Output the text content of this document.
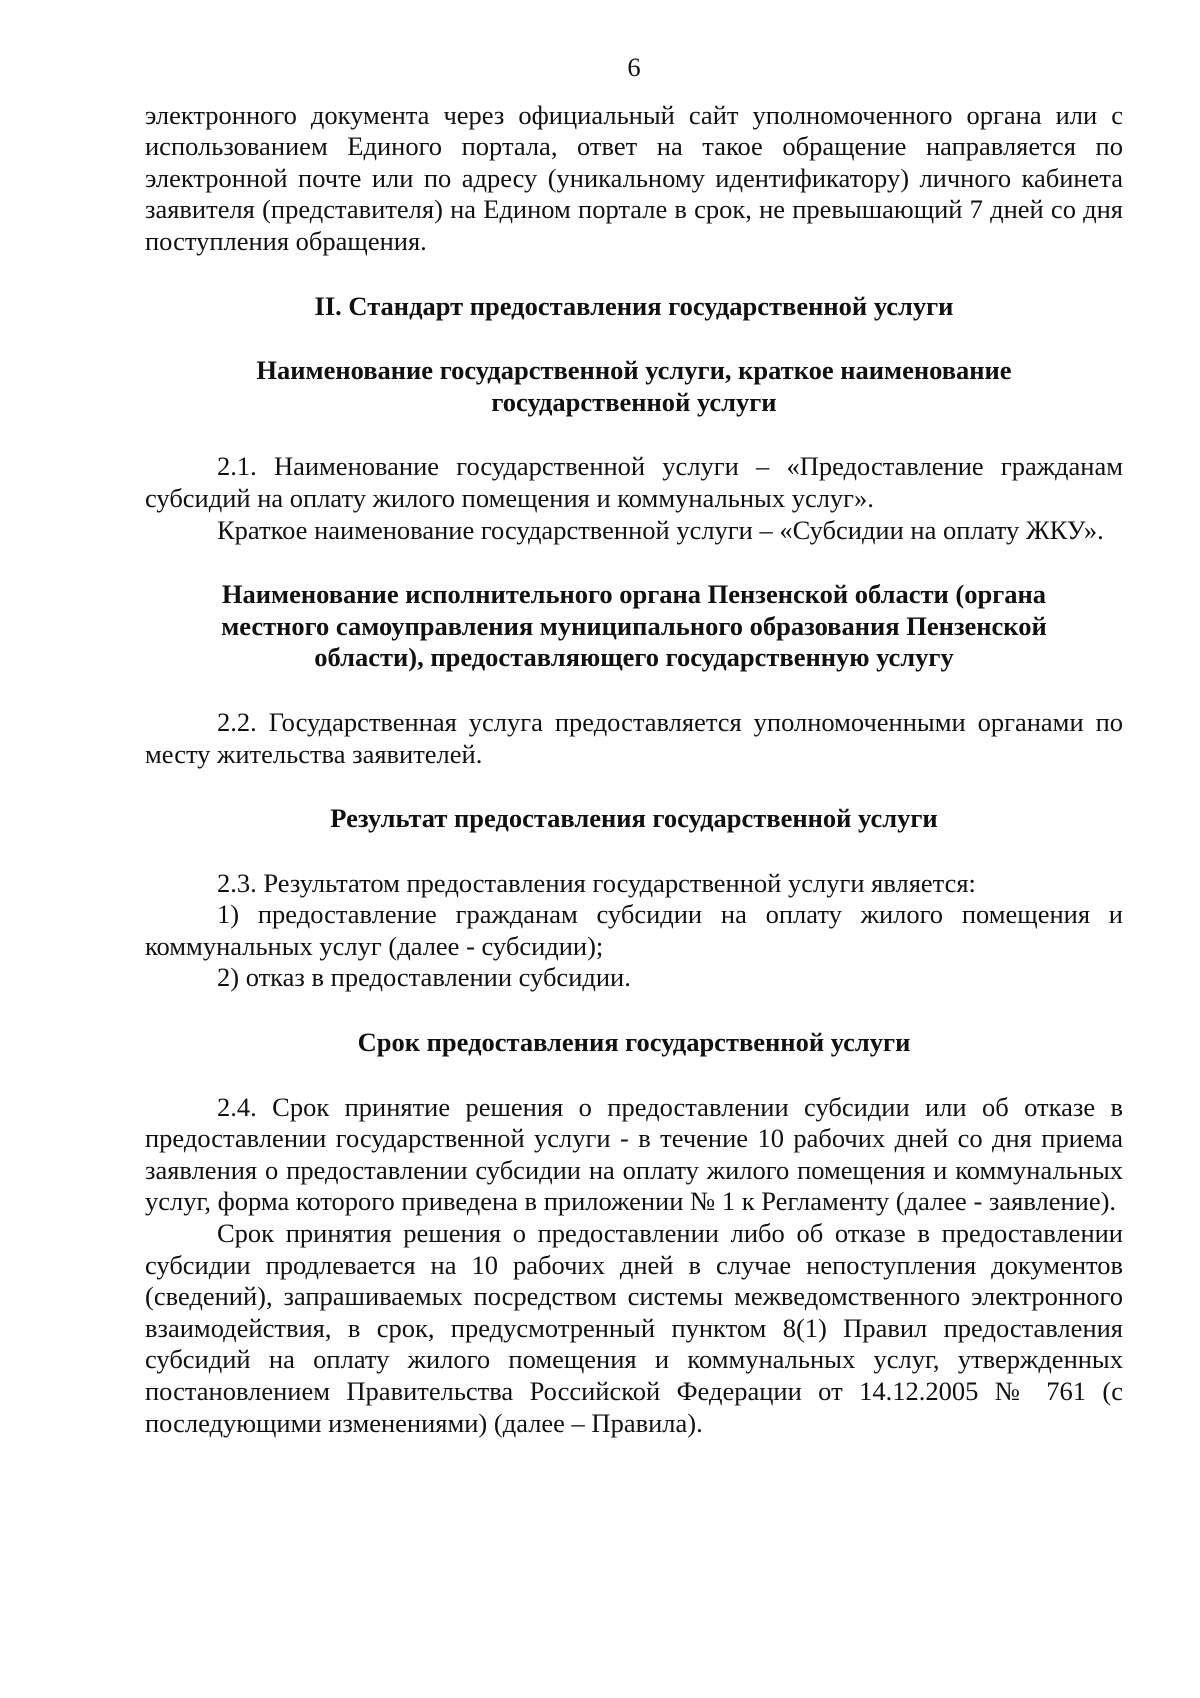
6

электронного документа через официальный сайт уполномоченного органа или с использованием Единого портала, ответ на такое обращение направляется по электронной почте или по адресу (уникальному идентификатору) личного кабинета заявителя (представителя) на Едином портале в срок, не превышающий 7 дней со дня поступления обращения.

II. Стандарт предоставления государственной услуги
Наименование государственной услуги, краткое наименование
государственной услуги

2.1. Наименование государственной услуги – «Предоставление гражданам субсидий на оплату жилого помещения и коммунальных услуг».

Краткое наименование государственной услуги – «Субсидии на оплату ЖКУ».

Наименование исполнительного органа Пензенской области (органа
местного самоуправления муниципального образования Пензенской
области), предоставляющего государственную услугу

2.2. Государственная услуга предоставляется уполномоченными органами по месту жительства заявителей.

Результат предоставления государственной услуги

2.3. Результатом предоставления государственной услуги является:

1) предоставление гражданам субсидии на оплату жилого помещения и коммунальных услуг (далее - субсидии);

2) отказ в предоставлении субсидии.

Срок предоставления государственной услуги

2.4. Срок принятие решения о предоставлении субсидии или об отказе в предоставлении государственной услуги - в течение 10 рабочих дней со дня приема заявления о предоставлении субсидии на оплату жилого помещения и коммунальных услуг, форма которого приведена в приложении № 1 к Регламенту (далее - заявление).

Срок принятия решения о предоставлении либо об отказе в предоставлении субсидии продлевается на 10 рабочих дней в случае непоступления документов (сведений), запрашиваемых посредством системы межведомственного электронного взаимодействия, в срок, предусмотренный пунктом 8(1) Правил предоставления субсидий на оплату жилого помещения и коммунальных услуг, утвержденных постановлением Правительства Российской Федерации от 14.12.2005 № 761 (с последующими изменениями) (далее – Правила).
